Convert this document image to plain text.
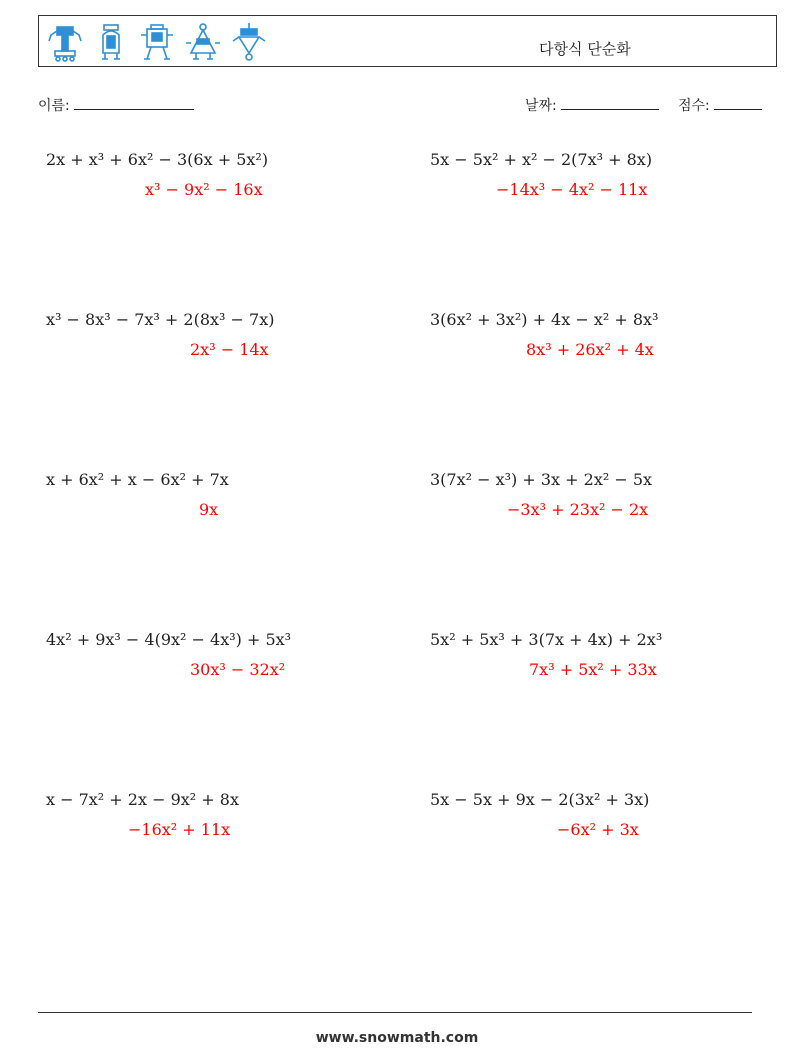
다항식 단순화
이름:	날짜:	점수:
2x + x³ + 6x² − 3(6x + 5x²)
x³ − 9x² − 16x
5x − 5x² + x² − 2(7x³ + 8x)
−14x³ − 4x² − 11x
x³ − 8x³ − 7x³ + 2(8x³ − 7x)
2x³ − 14x
3(6x² + 3x²) + 4x − x² + 8x³
8x³ + 26x² + 4x
x + 6x² + x − 6x² + 7x
9x
3(7x² − x³) + 3x + 2x² − 5x
−3x³ + 23x² − 2x
4x² + 9x³ − 4(9x² − 4x³) + 5x³
30x³ − 32x²
5x² + 5x³ + 3(7x + 4x) + 2x³
7x³ + 5x² + 33x
x − 7x² + 2x − 9x² + 8x
−16x² + 11x
5x − 5x + 9x − 2(3x² + 3x)
−6x² + 3x
www.snowmath.com
